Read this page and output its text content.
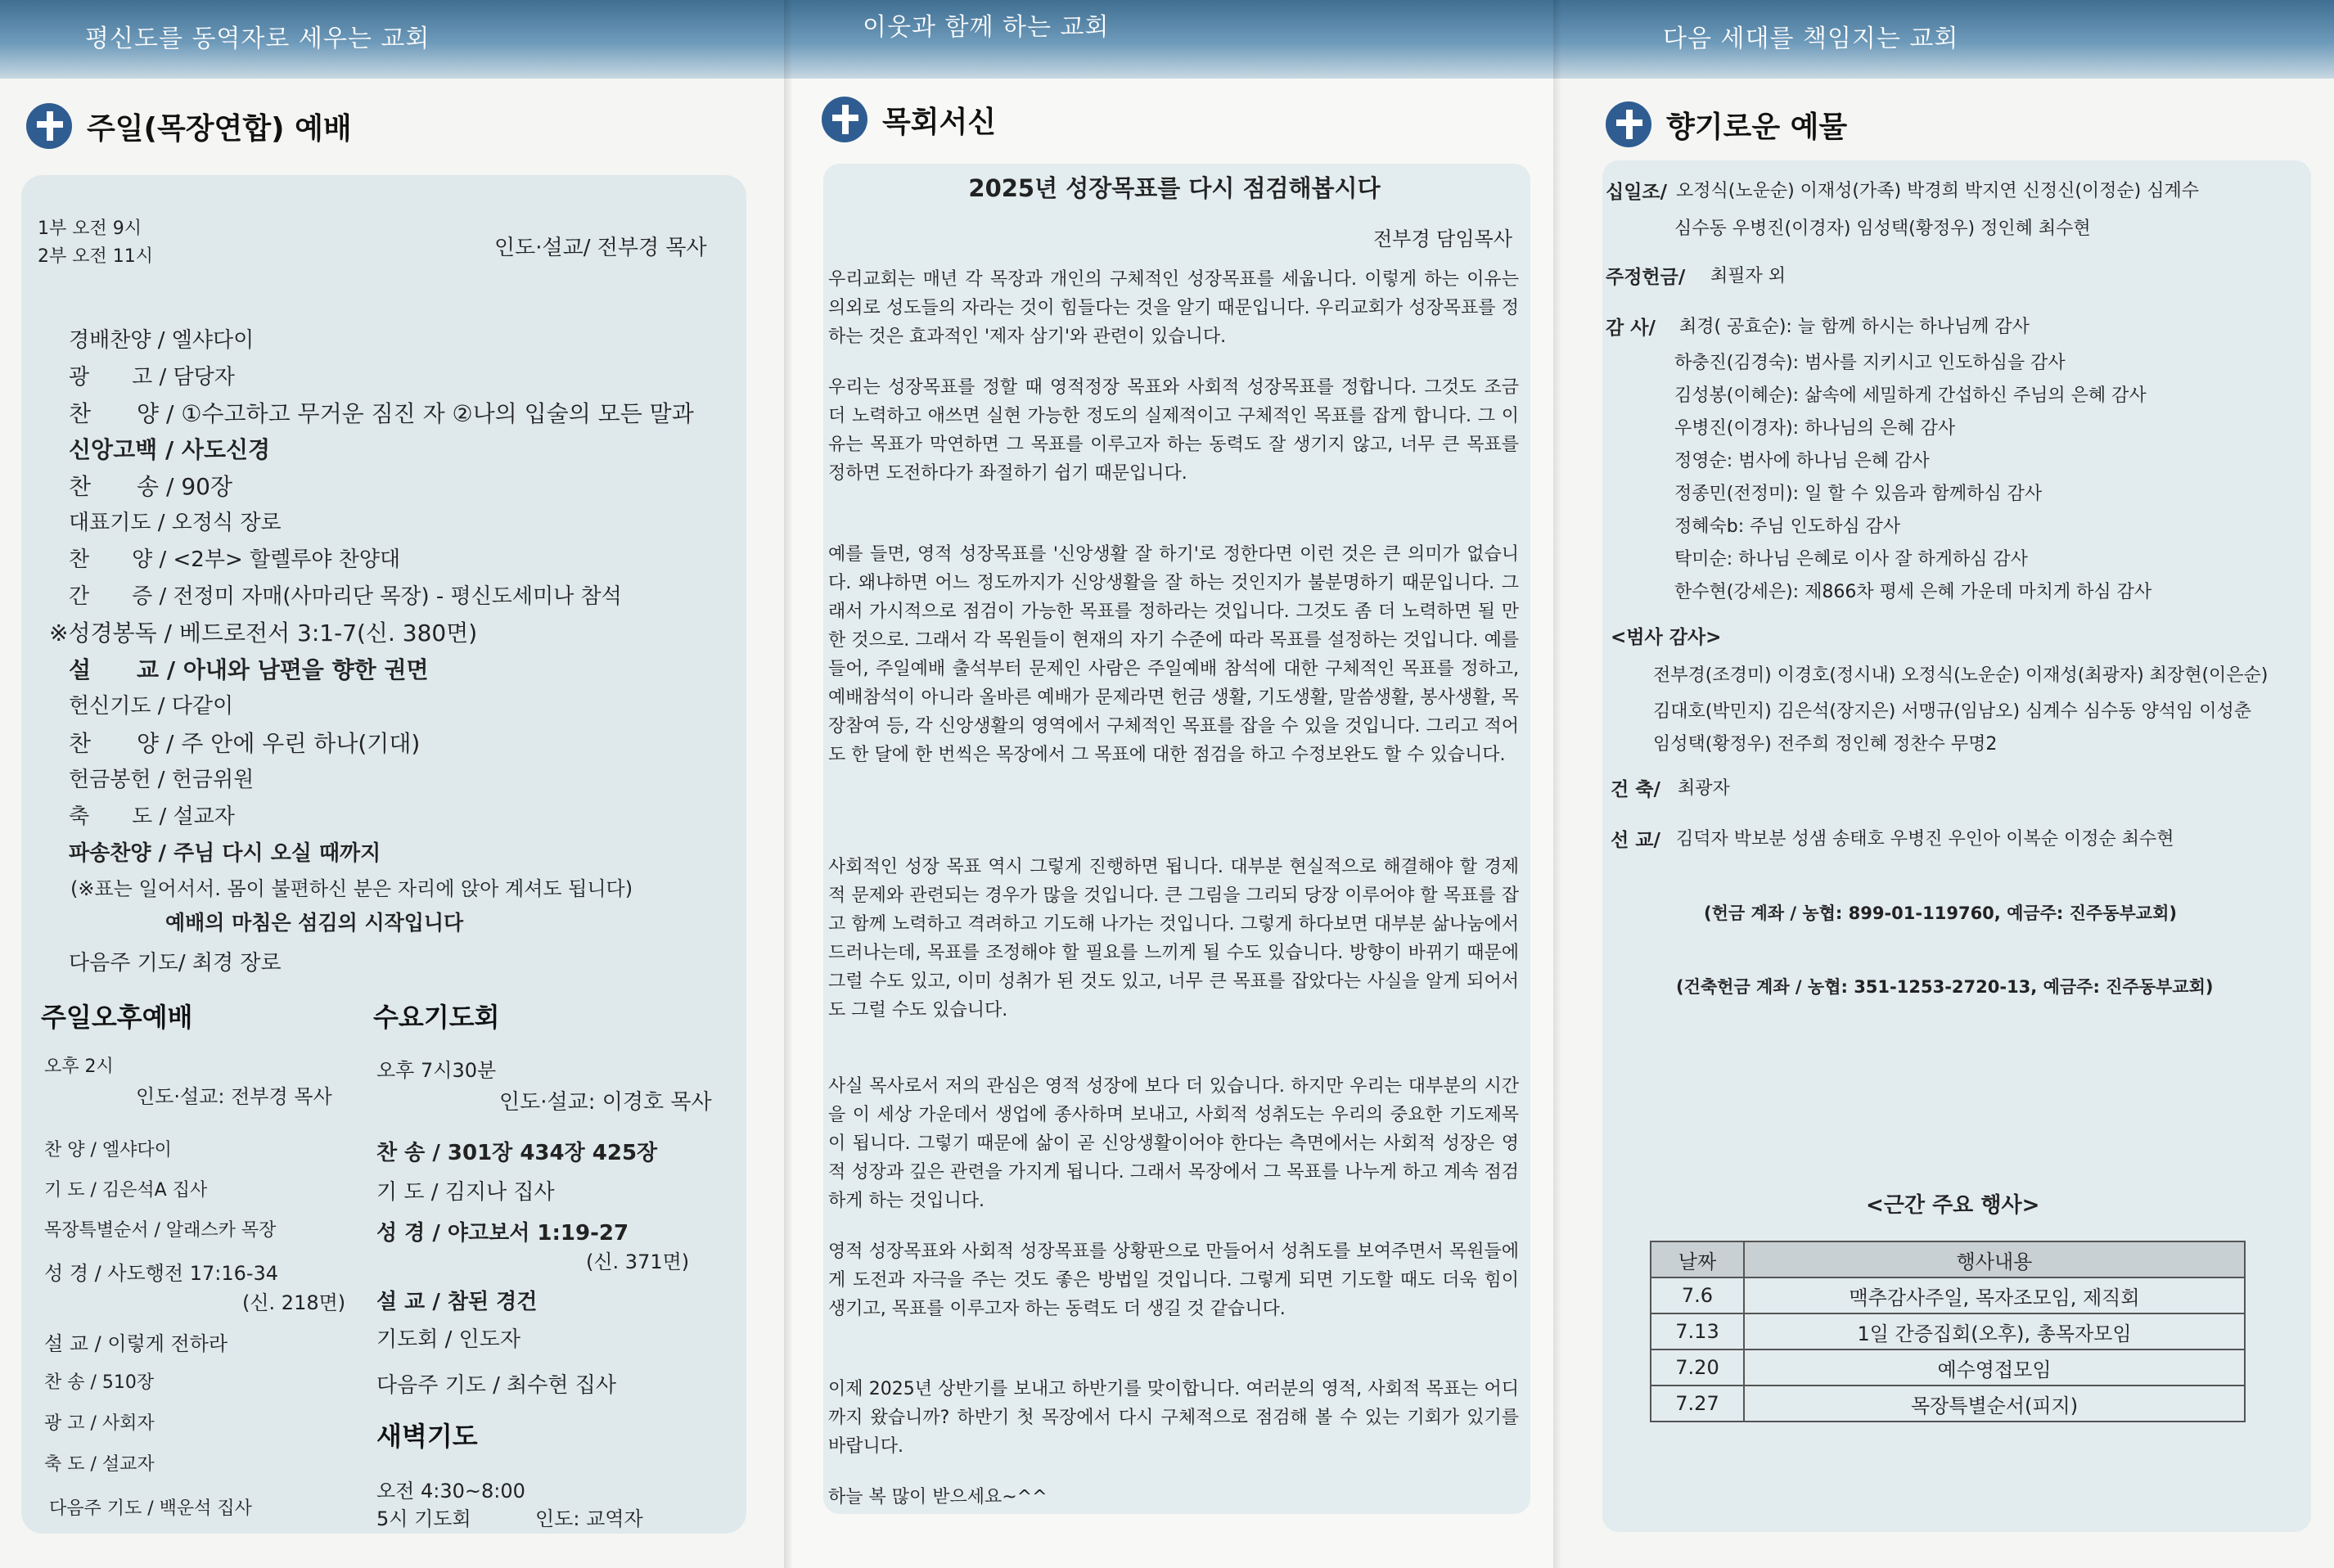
평신도를 동역자로 세우는 교회
주일(목장연합) 예배
1부 오전 9시
2부 오전 11시	인도·설교/ 전부경 목사
경배찬양 / 엘샤다이
광　　고 / 담당자
찬　　양 / ①수고하고 무거운 짐진 자 ②나의 입술의 모든 말과
신앙고백 / 사도신경
찬　　송 / 90장
대표기도 / 오정식 장로
찬　　양 / <2부> 할렐루야 찬양대
간　　증 / 전정미 자매(사마리단 목장) - 평신도세미나 참석
※성경봉독 / 베드로전서 3:1-7(신. 380면)
설　　교 / 아내와 남편을 향한 권면
헌신기도 / 다같이
찬　　양 / 주 안에 우린 하나(기대)
헌금봉헌 / 헌금위원
축　　도 / 설교자
파송찬양 / 주님 다시 오실 때까지
(※표는 일어서서. 몸이 불편하신 분은 자리에 앉아 계셔도 됩니다)
예배의 마침은 섬김의 시작입니다
다음주 기도/ 최경 장로
주일오후예배
오후 2시
인도·설교: 전부경 목사
찬 양 / 엘샤다이
기 도 / 김은석A 집사
목장특별순서 / 알래스카 목장
성 경 / 사도행전 17:16-34
(신. 218면)
설 교 / 이렇게 전하라
찬 송 / 510장
광 고 / 사회자
축 도 / 설교자
다음주 기도 / 백운석 집사
수요기도회
오후 7시30분
인도·설교: 이경호 목사
찬 송 / 301장 434장 425장
기 도 / 김지나 집사
성 경 / 야고보서 1:19-27
(신. 371면)
설 교 / 참된 경건
기도회 / 인도자
다음주 기도 / 최수현 집사
새벽기도
오전 4:30~8:00
5시 기도회	인도: 교역자
이웃과 함께 하는 교회
목회서신
2025년 성장목표를 다시 점검해봅시다
전부경 담임목사
우리교회는 매년 각 목장과 개인의 구체적인 성장목표를 세웁니다. 이렇게 하는 이유는 의외로 성도들의 자라는 것이 힘들다는 것을 알기 때문입니다. 우리교회가 성장목표를 정하는 것은 효과적인 '제자 삼기'와 관련이 있습니다.
우리는 성장목표를 정할 때 영적정장 목표와 사회적 성장목표를 정합니다. 그것도 조금 더 노력하고 애쓰면 실현 가능한 정도의 실제적이고 구체적인 목표를 잡게 합니다. 그 이유는 목표가 막연하면 그 목표를 이루고자 하는 동력도 잘 생기지 않고, 너무 큰 목표를 정하면 도전하다가 좌절하기 쉽기 때문입니다.
예를 들면, 영적 성장목표를 '신앙생활 잘 하기'로 정한다면 이런 것은 큰 의미가 없습니다. 왜냐하면 어느 정도까지가 신앙생활을 잘 하는 것인지가 불분명하기 때문입니다. 그래서 가시적으로 점검이 가능한 목표를 정하라는 것입니다. 그것도 좀 더 노력하면 될 만한 것으로. 그래서 각 목원들이 현재의 자기 수준에 따라 목표를 설정하는 것입니다. 예를 들어, 주일예배 출석부터 문제인 사람은 주일예배 참석에 대한 구체적인 목표를 정하고, 예배참석이 아니라 올바른 예배가 문제라면 헌금 생활, 기도생활, 말씀생활, 봉사생활, 목장참여 등, 각 신앙생활의 영역에서 구체적인 목표를 잡을 수 있을 것입니다. 그리고 적어도 한 달에 한 번씩은 목장에서 그 목표에 대한 점검을 하고 수정보완도 할 수 있습니다.
사회적인 성장 목표 역시 그렇게 진행하면 됩니다. 대부분 현실적으로 해결해야 할 경제적 문제와 관련되는 경우가 많을 것입니다. 큰 그림을 그리되 당장 이루어야 할 목표를 잡고 함께 노력하고 격려하고 기도해 나가는 것입니다. 그렇게 하다보면 대부분 삶나눔에서 드러나는데, 목표를 조정해야 할 필요를 느끼게 될 수도 있습니다. 방향이 바뀌기 때문에 그럴 수도 있고, 이미 성취가 된 것도 있고, 너무 큰 목표를 잡았다는 사실을 알게 되어서도 그럴 수도 있습니다.
사실 목사로서 저의 관심은 영적 성장에 보다 더 있습니다. 하지만 우리는 대부분의 시간을 이 세상 가운데서 생업에 종사하며 보내고, 사회적 성취도는 우리의 중요한 기도제목이 됩니다. 그렇기 때문에 삶이 곧 신앙생활이어야 한다는 측면에서는 사회적 성장은 영적 성장과 깊은 관련을 가지게 됩니다. 그래서 목장에서 그 목표를 나누게 하고 계속 점검하게 하는 것입니다.
영적 성장목표와 사회적 성장목표를 상황판으로 만들어서 성취도를 보여주면서 목원들에게 도전과 자극을 주는 것도 좋은 방법일 것입니다. 그렇게 되면 기도할 때도 더욱 힘이 생기고, 목표를 이루고자 하는 동력도 더 생길 것 같습니다.
이제 2025년 상반기를 보내고 하반기를 맞이합니다. 여러분의 영적, 사회적 목표는 어디까지 왔습니까? 하반기 첫 목장에서 다시 구체적으로 점검해 볼 수 있는 기회가 있기를 바랍니다.
하늘 복 많이 받으세요~^^
다음 세대를 책임지는 교회
향기로운 예물
십일조/ 오정식(노운순) 이재성(가족) 박경희 박지연 신정신(이정순) 심계수
심수동 우병진(이경자) 임성택(황정우) 정인혜 최수현
주정헌금/ 최필자 외
감 사/ 최경( 공효순): 늘 함께 하시는 하나님께 감사
하충진(김경숙): 범사를 지키시고 인도하심을 감사
김성봉(이혜순): 삶속에 세밀하게 간섭하신 주님의 은혜 감사
우병진(이경자): 하나님의 은혜 감사
정영순: 범사에 하나님 은혜 감사
정종민(전정미): 일 할 수 있음과 함께하심 감사
정혜숙b: 주님 인도하심 감사
탁미순: 하나님 은혜로 이사 잘 하게하심 감사
한수현(강세은): 제866차 평세 은혜 가운데 마치게 하심 감사
<범사 감사>
전부경(조경미) 이경호(정시내) 오정식(노운순) 이재성(최광자) 최장현(이은순)
김대호(박민지) 김은석(장지은) 서맹규(임남오) 심계수 심수동 양석임 이성춘
임성택(황정우) 전주희 정인혜 정찬수 무명2
건 축/ 최광자
선 교/ 김덕자 박보분 성샘 송태호 우병진 우인아 이복순 이정순 최수현
(헌금 계좌 / 농협: 899-01-119760, 예금주: 진주동부교회)
(건축헌금 계좌 / 농협: 351-1253-2720-13, 예금주: 진주동부교회)
<근간 주요 행사>
날짜	행사내용
7.6	맥추감사주일, 목자조모임, 제직회
7.13	1일 간증집회(오후), 총목자모임
7.20	예수영접모임
7.27	목장특별순서(피지)
